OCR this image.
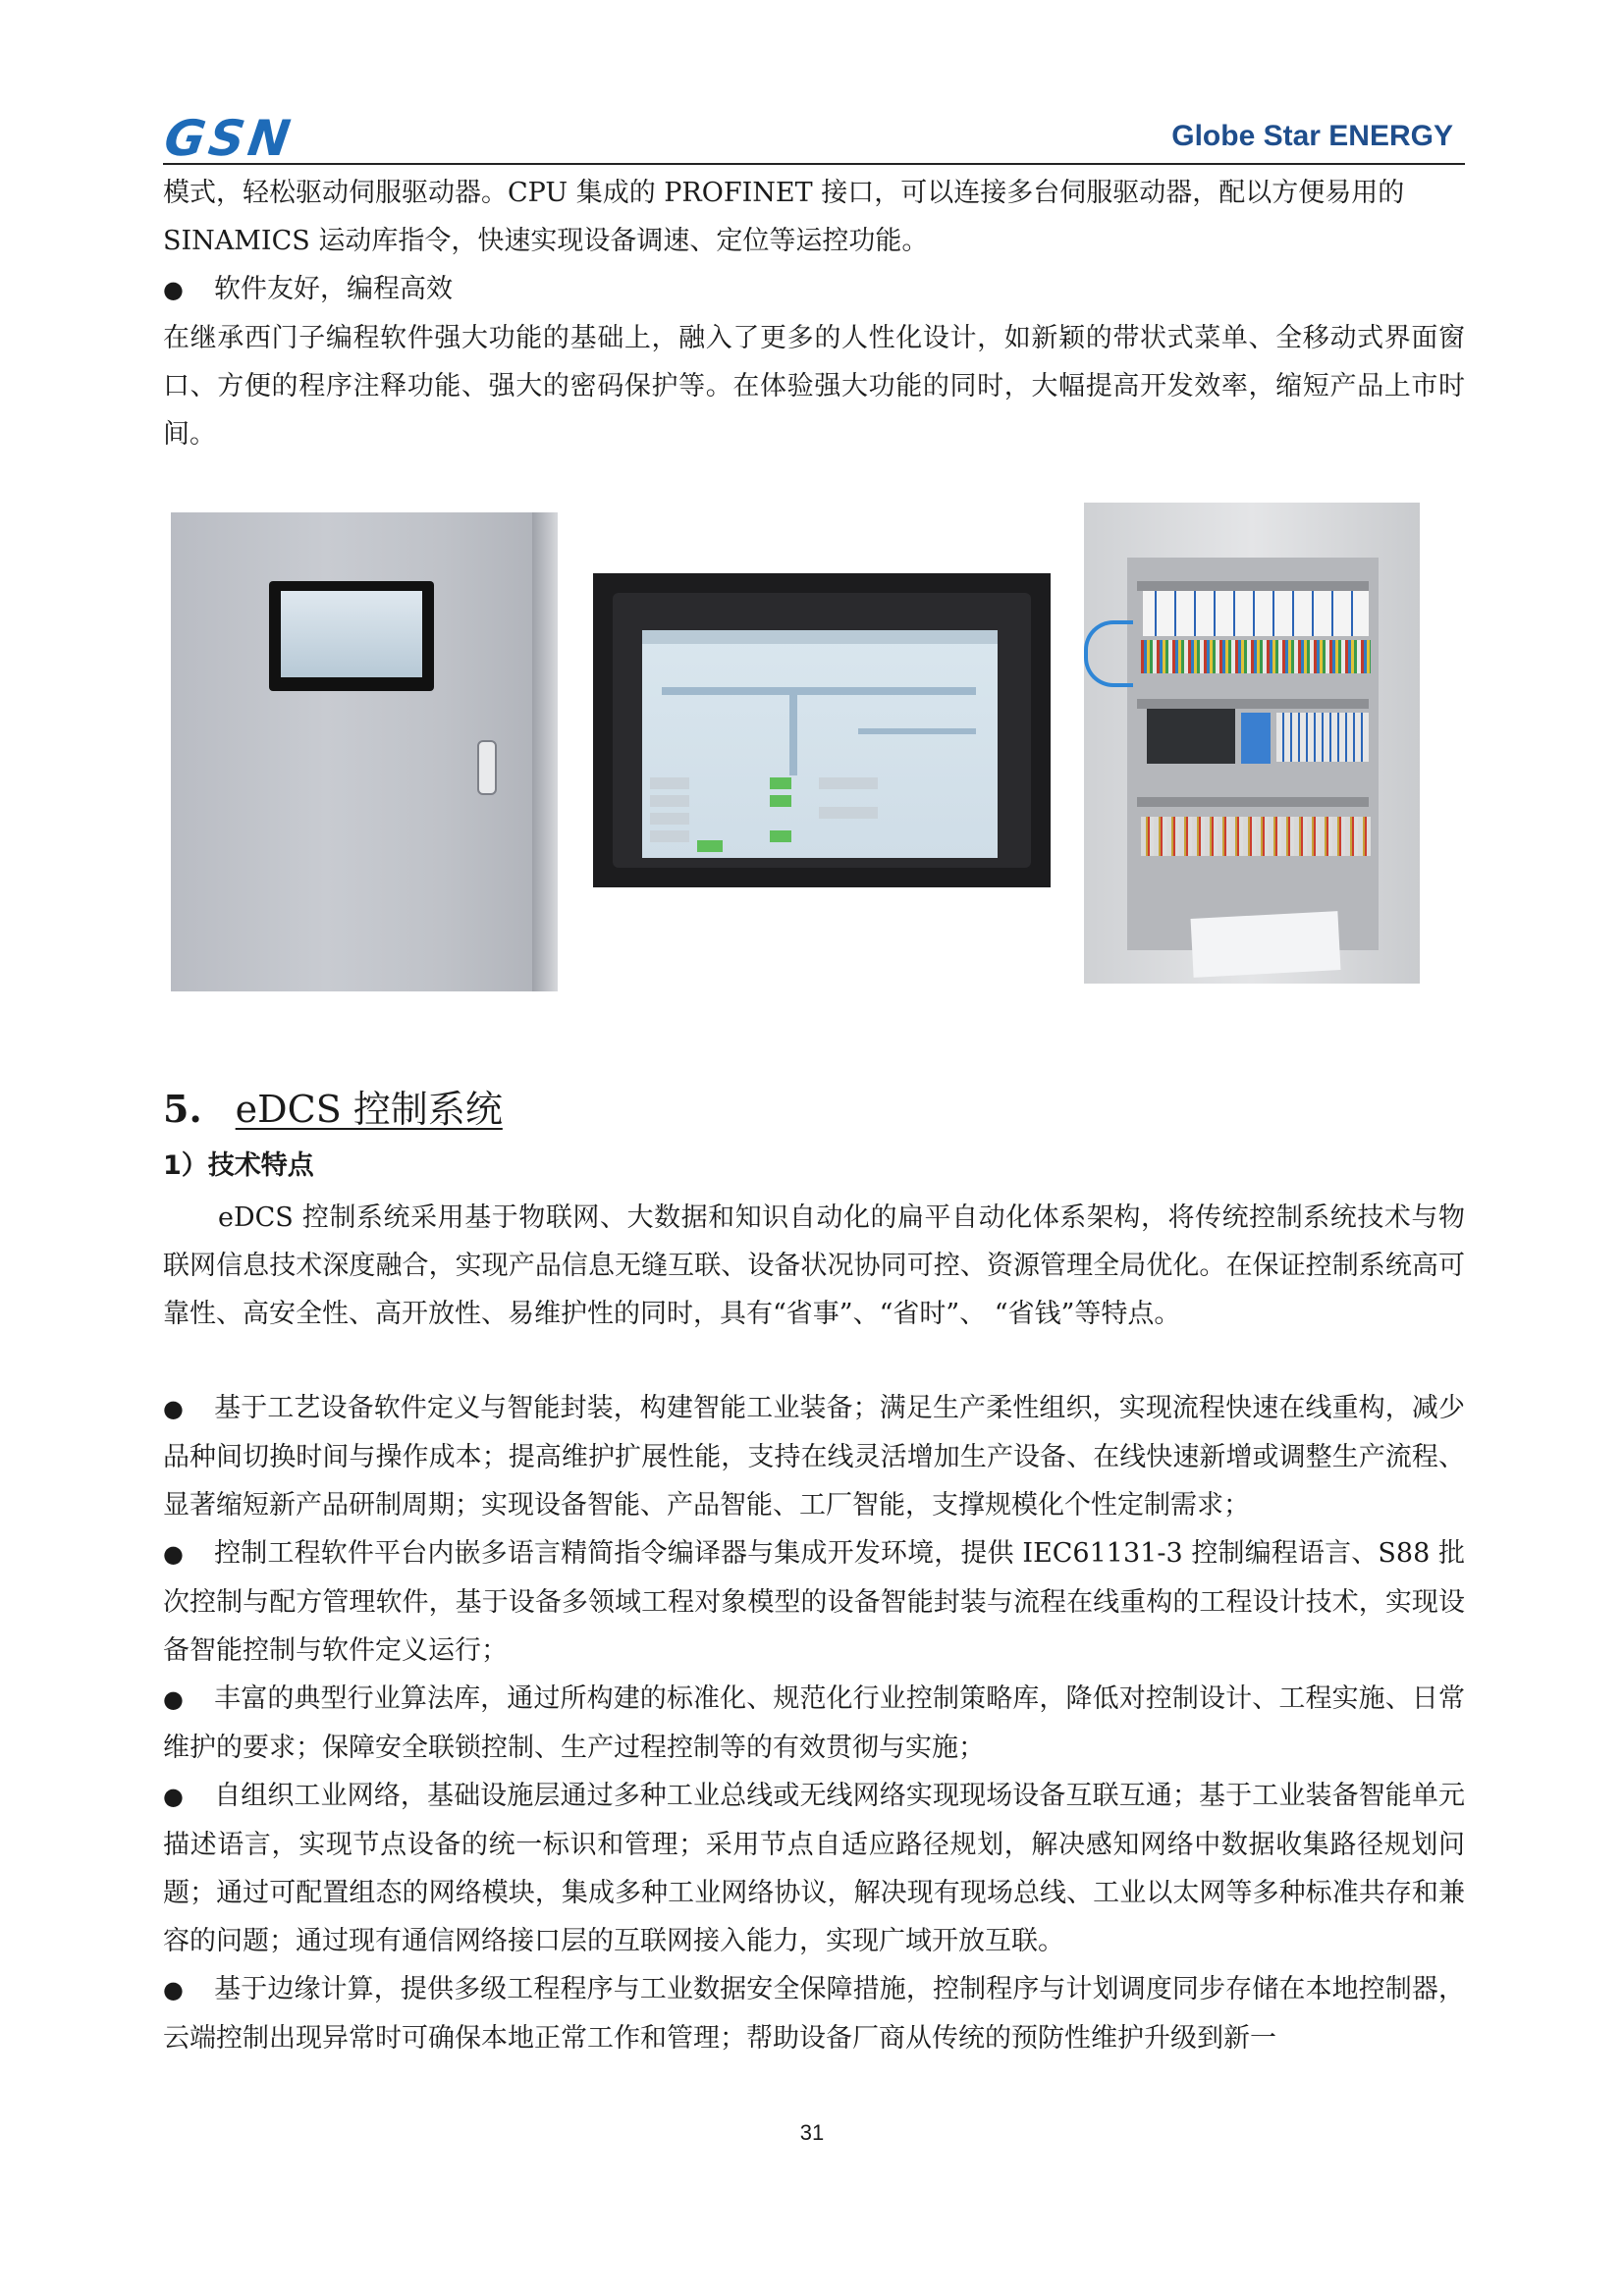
GSN	Globe Star ENERGY

模式，轻松驱动伺服驱动器。CPU 集成的 PROFINET 接口，可以连接多台伺服驱动器，配以方便易用的

SINAMICS 运动库指令，快速实现设备调速、定位等运控功能。

●	软件友好，编程高效

在继承西门子编程软件强大功能的基础上，融入了更多的人性化设计，如新颖的带状式菜单、全移动式界面窗口、方便的程序注释功能、强大的密码保护等。在体验强大功能的同时，大幅提高开发效率，缩短产品上市时间。

5. eDCS 控制系统
1）技术特点

eDCS 控制系统采用基于物联网、大数据和知识自动化的扁平自动化体系架构，将传统控制系统技术与物联网信息技术深度融合，实现产品信息无缝互联、设备状况协同可控、资源管理全局优化。在保证控制系统高可靠性、高安全性、高开放性、易维护性的同时，具有“省事”、“省时”、 “省钱”等特点。

● 基于工艺设备软件定义与智能封装，构建智能工业装备；满足生产柔性组织，实现流程快速在线重构，减少品种间切换时间与操作成本；提高维护扩展性能，支持在线灵活增加生产设备、在线快速新增或调整生产流程、显著缩短新产品研制周期；实现设备智能、产品智能、工厂智能，支撑规模化个性定制需求；

● 控制工程软件平台内嵌多语言精简指令编译器与集成开发环境，提供 IEC61131-3 控制编程语言、S88 批次控制与配方管理软件，基于设备多领域工程对象模型的设备智能封装与流程在线重构的工程设计技术，实现设备智能控制与软件定义运行；

● 丰富的典型行业算法库，通过所构建的标准化、规范化行业控制策略库，降低对控制设计、工程实施、日常维护的要求；保障安全联锁控制、生产过程控制等的有效贯彻与实施；

● 自组织工业网络，基础设施层通过多种工业总线或无线网络实现现场设备互联互通；基于工业装备智能单元描述语言，实现节点设备的统一标识和管理；采用节点自适应路径规划，解决感知网络中数据收集路径规划问题；通过可配置组态的网络模块，集成多种工业网络协议，解决现有现场总线、工业以太网等多种标准共存和兼容的问题；通过现有通信网络接口层的互联网接入能力，实现广域开放互联。

● 基于边缘计算，提供多级工程程序与工业数据安全保障措施，控制程序与计划调度同步存储在本地控制器，云端控制出现异常时可确保本地正常工作和管理；帮助设备厂商从传统的预防性维护升级到新一

31
